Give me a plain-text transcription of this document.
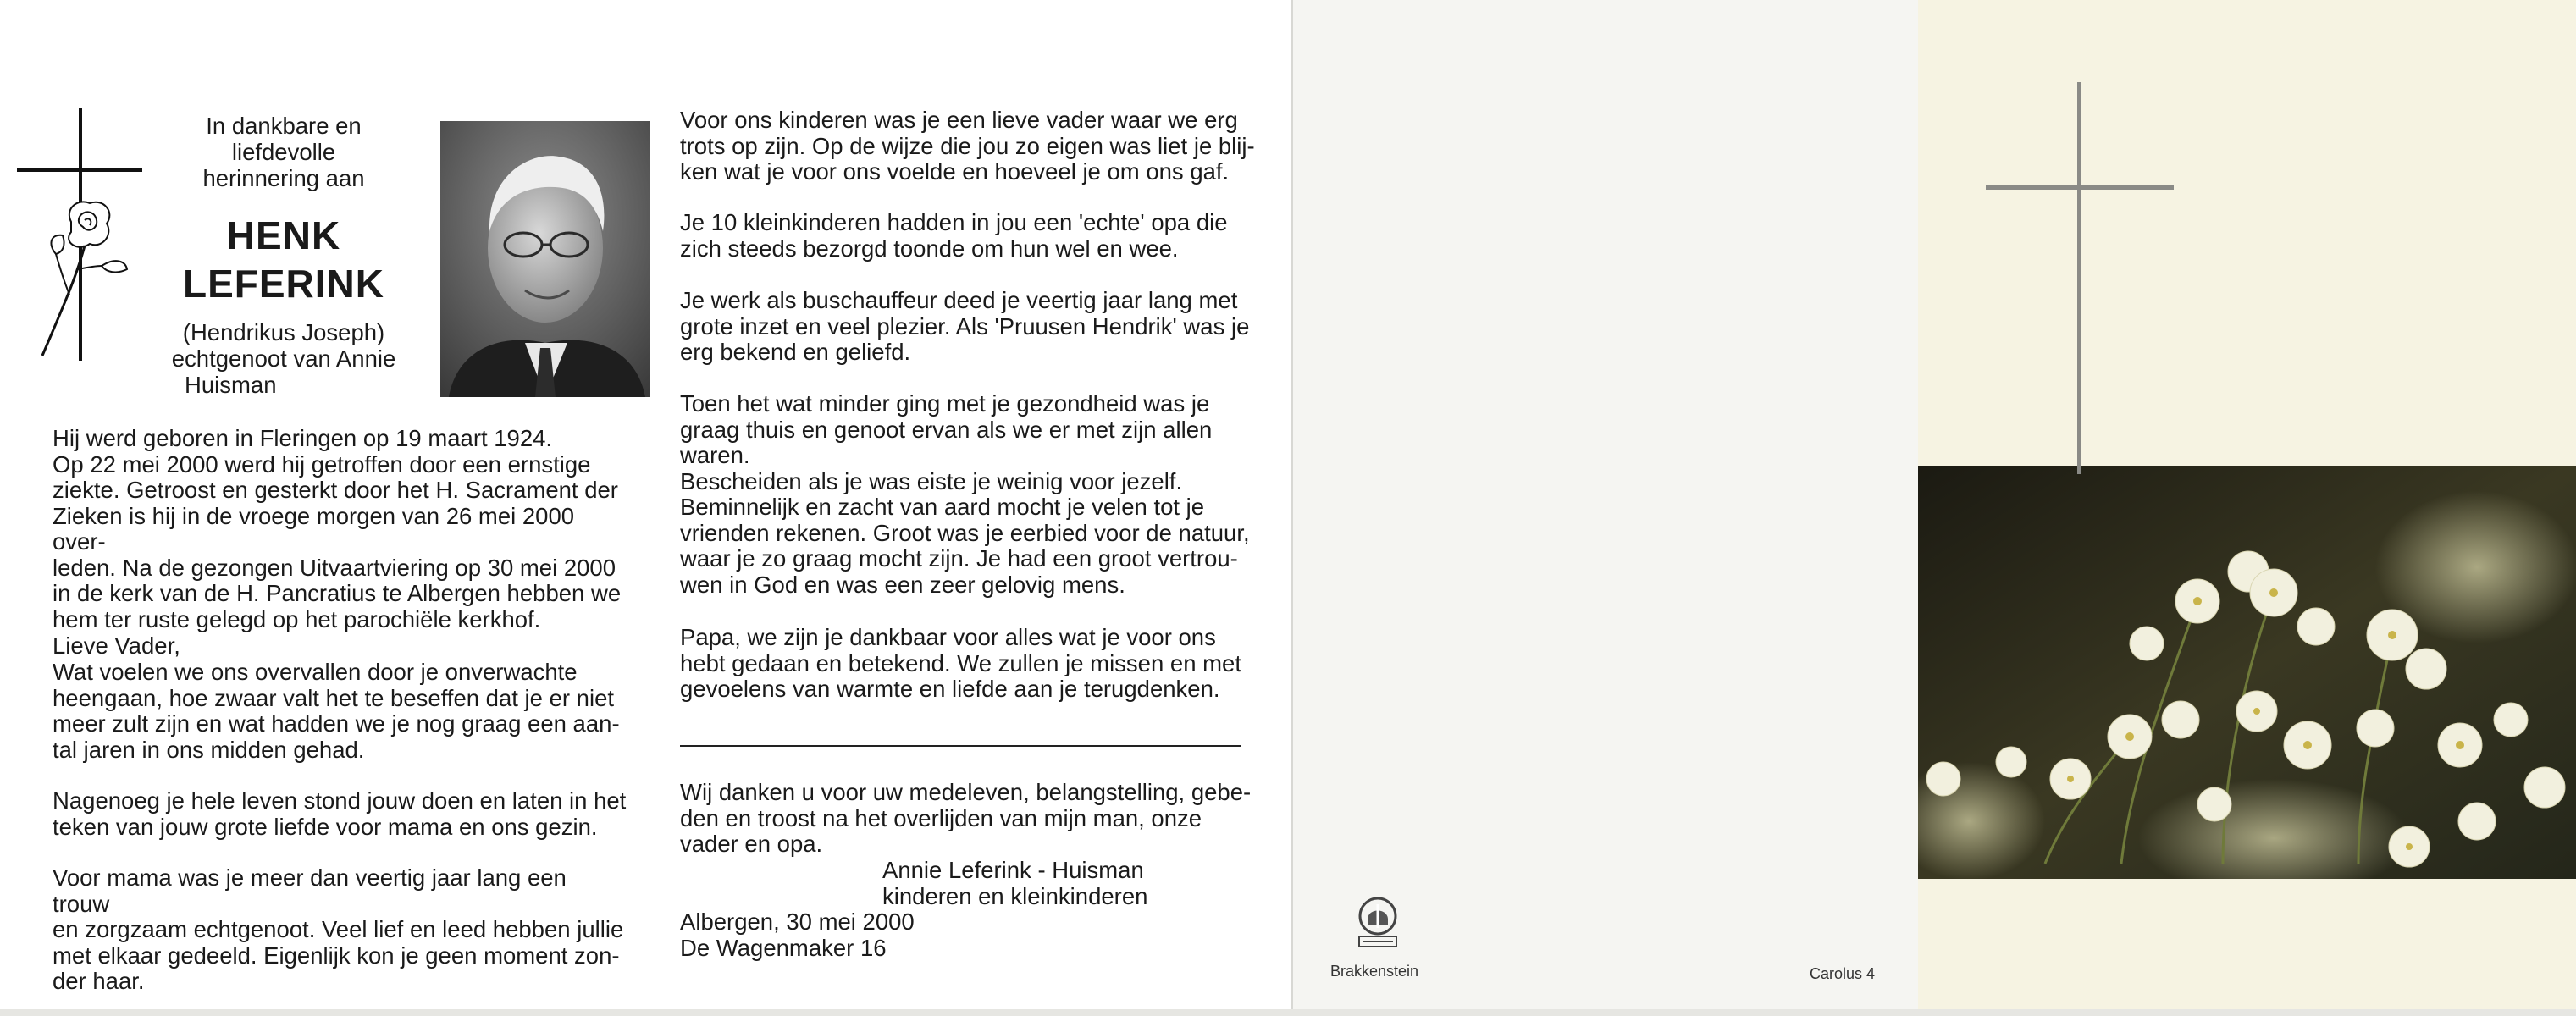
In dankbare en
liefdevolle
herinnering aan
HENK
LEFERINK
(Hendrikus Joseph)
echtgenoot van Annie
Huisman
Hij werd geboren in Fleringen op 19 maart 1924.
Op 22 mei 2000 werd hij getroffen door een ernstige
ziekte. Getroost en gesterkt door het H. Sacrament der
Zieken is hij in de vroege morgen van 26 mei 2000 over-
leden. Na de gezongen Uitvaartviering op 30 mei 2000
in de kerk van de H. Pancratius te Albergen hebben we
hem ter ruste gelegd op het parochiële kerkhof.
Lieve Vader,
Wat voelen we ons overvallen door je onverwachte
heengaan, hoe zwaar valt het te beseffen dat je er niet
meer zult zijn en wat hadden we je nog graag een aan-
tal jaren in ons midden gehad.
Nagenoeg je hele leven stond jouw doen en laten in het
teken van jouw grote liefde voor mama en ons gezin.
Voor mama was je meer dan veertig jaar lang een trouw
en zorgzaam echtgenoot. Veel lief en leed hebben jullie
met elkaar gedeeld. Eigenlijk kon je geen moment zon-
der haar.
Voor ons kinderen was je een lieve vader waar we erg
trots op zijn. Op de wijze die jou zo eigen was liet je blij-
ken wat je voor ons voelde en hoeveel je om ons gaf.
Je 10 kleinkinderen hadden in jou een 'echte' opa die
zich steeds bezorgd toonde om hun wel en wee.
Je werk als buschauffeur deed je veertig jaar lang met
grote inzet en veel plezier. Als 'Pruusen Hendrik' was je
erg bekend en geliefd.
Toen het wat minder ging met je gezondheid was je
graag thuis en genoot ervan als we er met zijn allen
waren.
Bescheiden als je was eiste je weinig voor jezelf.
Beminnelijk en zacht van aard mocht je velen tot je
vrienden rekenen. Groot was je eerbied voor de natuur,
waar je zo graag mocht zijn. Je had een groot vertrou-
wen in God en was een zeer gelovig mens.
Papa, we zijn je dankbaar voor alles wat je voor ons
hebt gedaan en betekend. We zullen je missen en met
gevoelens van warmte en liefde aan je terugdenken.
Wij danken u voor uw medeleven, belangstelling, gebe-
den en troost na het overlijden van mijn man, onze
vader en opa.
Annie Leferink - Huisman
kinderen en kleinkinderen
Albergen, 30 mei 2000
De Wagenmaker 16
Brakkenstein	Carolus 4
